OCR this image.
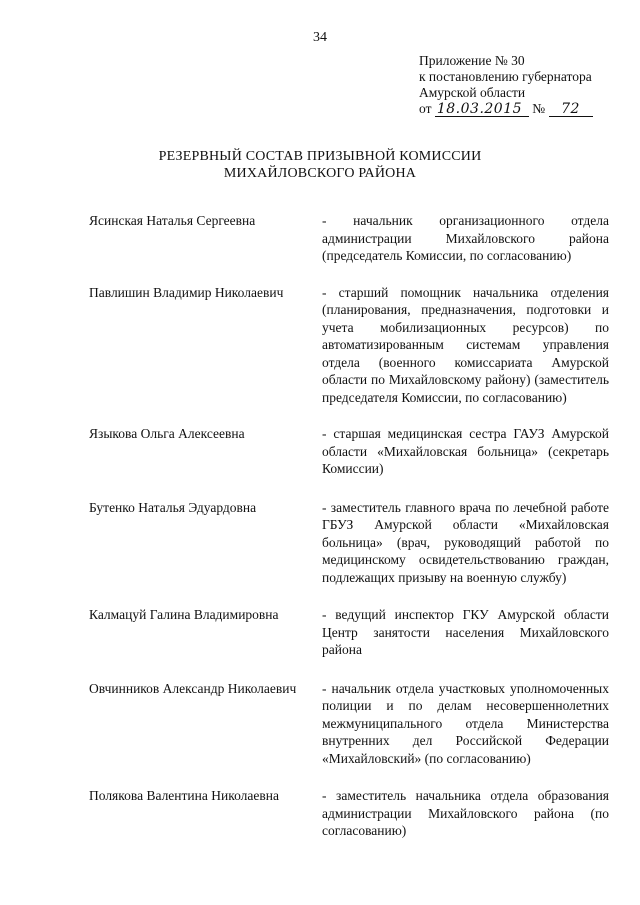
34
Приложение № 30
к постановлению губернатора
Амурской области
от 18.03.2015 № 72
РЕЗЕРВНЫЙ СОСТАВ ПРИЗЫВНОЙ КОМИССИИ
МИХАЙЛОВСКОГО РАЙОНА
Ясинская Наталья Сергеевна	- начальник организационного отдела администрации Михайловского района (председатель Комиссии, по согласованию)
Павлишин Владимир Николаевич	- старший помощник начальника отделения (планирования, предназначения, подготовки и учета мобилизационных ресурсов) по автоматизированным системам управления отдела (военного комиссариата Амурской области по Михайловскому району) (заместитель председателя Комиссии, по согласованию)
Языкова Ольга Алексеевна	- старшая медицинская сестра ГАУЗ Амурской области «Михайловская больница» (секретарь Комиссии)
Бутенко Наталья Эдуардовна	- заместитель главного врача по лечебной работе ГБУЗ Амурской области «Михайловская больница» (врач, руководящий работой по медицинскому освидетельствованию граждан, подлежащих призыву на военную службу)
Калмацуй Галина Владимировна	- ведущий инспектор ГКУ Амурской области Центр занятости населения Михайловского района
Овчинников Александр Николаевич	- начальник отдела участковых уполномоченных полиции и по делам несовершеннолетних межмуниципального отдела Министерства внутренних дел Российской Федерации «Михайловский» (по согласованию)
Полякова Валентина Николаевна	- заместитель начальника отдела образования администрации Михайловского района (по согласованию)
